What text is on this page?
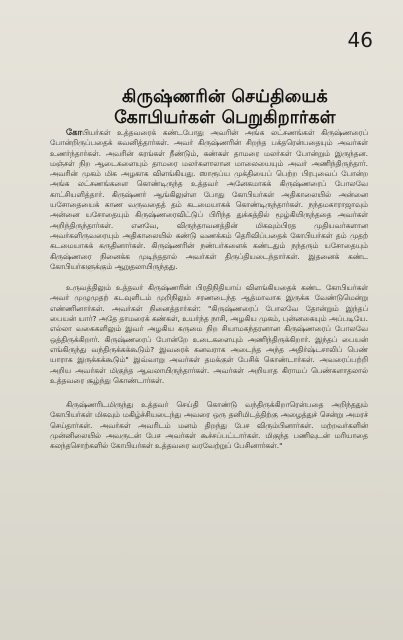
46
கிருஷ்ணரின் செய்தியைக்
கோபியர்கள் பெறுகிறார்கள்

கோபியர்கள் உத்தவரைக் கண்டபோது அவரின் அங்க லட்சணங்கள் கிருஷ்ணரைப் போன்றிருப்பதைக் கவனித்தார்கள். அவர் கிருஷ்ணரின் சிறந்த பக்தரென்பதையும் அவர்கள் உணர்ந்தார்கள். அவரின் கரங்கள் நீண்டும், கண்கள் தாமரை மலர்கள் போன்றும் இருந்தன. மஞ்சள் நிற ஆடைகளையும் தாமரை மலர்களாலான மாலையையும் அவர் அணிந்திருந்தார். அவரின் முகம் மிக அழகாக விளங்கியது. ஸாரூப்ய முக்தியைப் பெற்ற பிரபுவைப் போன்ற அங்க லட்சணங்களை கொண்டிருந்த உத்தவர் அனேகமாகக் கிருஷ்ணரைப் போலவே காட்சியளித்தார். கிருஷ்ணர் ஆங்கிலுள்ள போது கோபியர்கள் அதிகாலையில் அன்னை யசோதையைக் காண வருவதைத் தம் கடமையாகக் கொண்டிருந்தார்கள். நந்தமகாராஜாவும் அன்னை யசோதையும் கிருஷ்ணரைவிட்டுப் பிரிந்த துக்கத்தில் மூழ்கியிருந்ததை அவர்கள் அறிந்திருந்தார்கள். எனவே, விருந்தாவனத்தின் மிகவும்பிரத முதியவர்களான அவர்களிருவரையும் அதிகாலையில் கண்டு வணக்கம் தெரிவிப்பதைக் கோபியர்கள் தம் முதற் கடமையாகக் கருதினார்கள். கிருஷ்ணரின் நண்பர்களைக் கண்டதும் நந்தரும் யசோதையும் கிருஷ்ணரை நினைக்க முடிந்ததால் அவர்கள் திருப்தியடைந்தார்கள். இதனைக் கண்ட கோபியர்களுக்கும் ஆறுதலாயிருந்தது.

உருவத்திலும் உத்தவர் கிருஷ்ணரின் பிரதிநிதியாய் விளங்கியதைக் கண்ட கோபியர்கள் அவர் முழுமுதற் கடவுளிடம் முறிநிலும் சரணடைந்த ஆத்மாவாக இருக்க வேண்டுமென்று எண்ணினார்கள். அவர்கள் நினைத்தார்கள்: "கிருஷ்ணரைப் போலவே தோன்றும் இந்தப் பையன் யார்? அதே தாமரைக் கண்கள், உயர்ந்த நாசி, அழகிய முகம், புன்னகையும் அப்படியே. எல்லா வகைகளிலும் இவர் அழகிய கருமை நிற சியாமசுந்தரனான கிருஷ்ணரைப் போலவே ஒத்திருக்கிறார். கிருஷ்ணரைப் போன்றே உடைகளையும் அணிந்திருக்கிறார். இந்தப் பையன் எங்கிருந்து வந்திருக்கக்கூடும்? இவரைக் கனவராக அடைந்த அந்த அதிர்ஷ்டசாலிப் பெண் யாராக இருக்கக்கூடும்" இவ்வாறு அவர்கள் தமக்குள் பேசிக் கொண்டார்கள். அவரைப்பற்றி அறிய அவர்கள் மிகுந்த ஆவலாயிருந்தார்கள். அவர்கள் அறியாத கிராமப் பெண்களாதலால் உத்தவரை சூழ்ந்து கொண்டார்கள்.

கிருஷ்ணரிடமிருந்து உத்தவர் செய்தி கொண்டு வந்திருக்கிறாரென்பதை அறிந்ததும் கோபியர்கள் மிகவும் மகிழ்ச்சியடைந்து அவரை ஒரு தனிமிடத்திற்கு அழைத்துச் சென்று அமரச் செய்தார்கள். அவர்கள் அவரிடம் மனம் திறந்து பேச விரும்பினார்கள். மற்றவர்களின் முன்னிலையில் அவருடன் பேச அவர்கள் கூச்சப்பட்டார்கள். மிகுந்த பணிவுடன் மரியாதை கலந்தசொற்களில் கோபியர்கள் உத்தவரை வரவேற்றுப் பேசினார்கள்."
